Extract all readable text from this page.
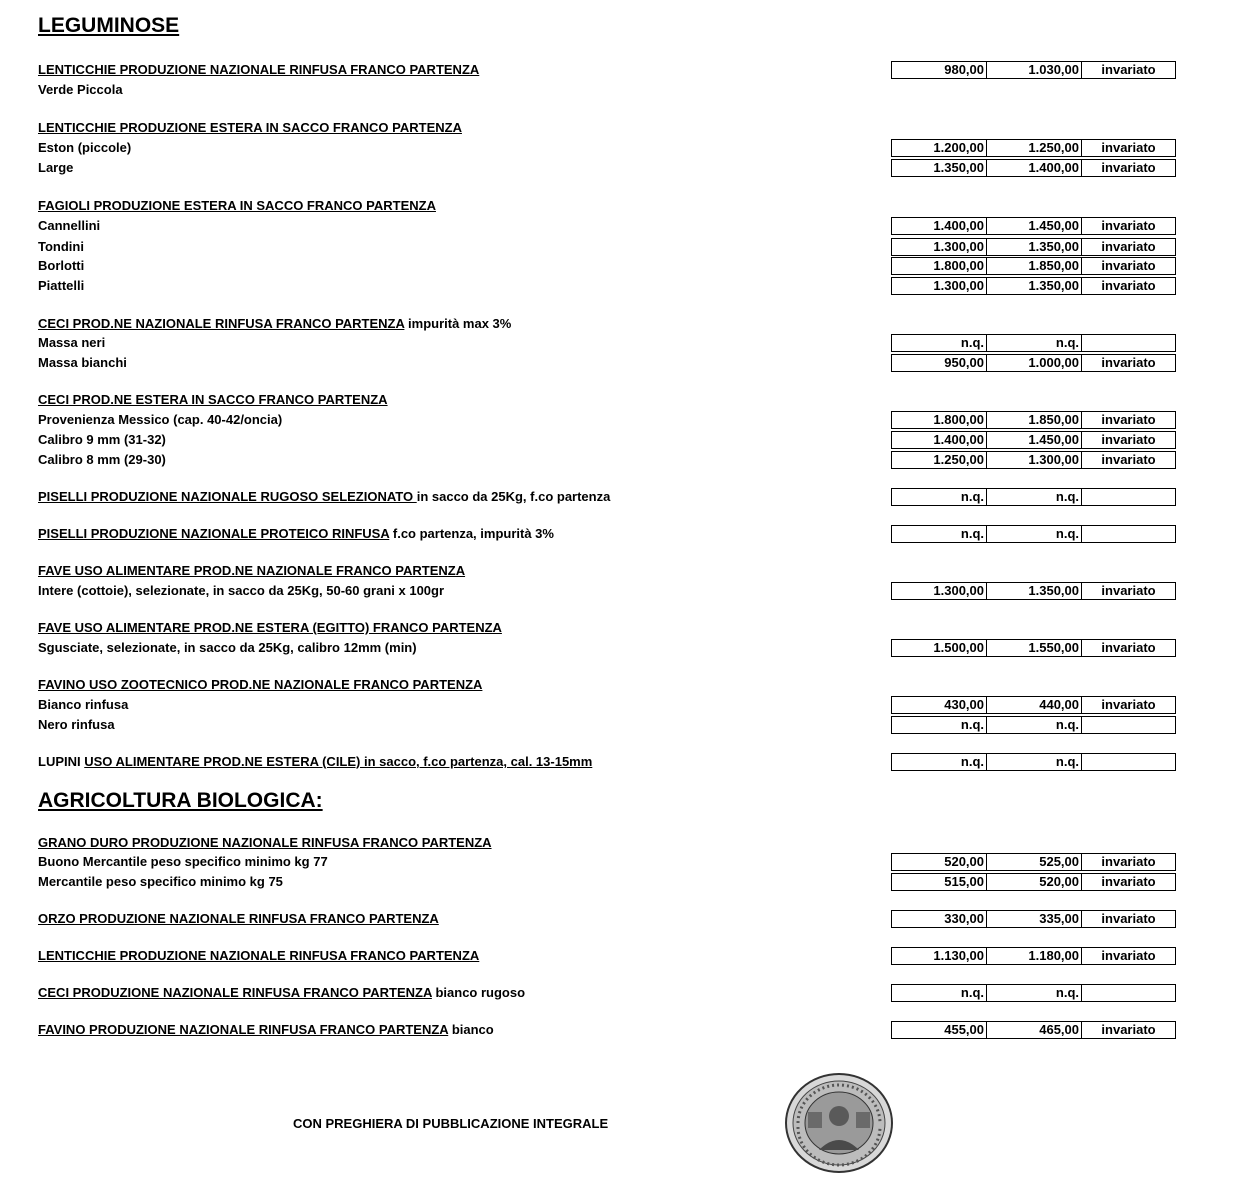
LEGUMINOSE
AGRICOLTURA BIOLOGICA:
LENTICCHIE PRODUZIONE NAZIONALE RINFUSA FRANCO PARTENZA	980,00	1.030,00	invariato
Verde Piccola
LENTICCHIE PRODUZIONE ESTERA IN SACCO FRANCO PARTENZA
Eston (piccole)	1.200,00	1.250,00	invariato
Large	1.350,00	1.400,00	invariato
FAGIOLI PRODUZIONE ESTERA IN SACCO FRANCO PARTENZA
Cannellini	1.400,00	1.450,00	invariato
Tondini	1.300,00	1.350,00	invariato
Borlotti	1.800,00	1.850,00	invariato
Piattelli	1.300,00	1.350,00	invariato
CECI PROD.NE NAZIONALE RINFUSA FRANCO PARTENZA impurità max 3%
Massa neri	n.q.	n.q.
Massa bianchi	950,00	1.000,00	invariato
CECI PROD.NE ESTERA IN SACCO FRANCO PARTENZA
Provenienza Messico (cap. 40-42/oncia)	1.800,00	1.850,00	invariato
Calibro 9 mm (31-32)	1.400,00	1.450,00	invariato
Calibro 8 mm (29-30)	1.250,00	1.300,00	invariato
PISELLI PRODUZIONE NAZIONALE RUGOSO SELEZIONATO in sacco da 25Kg, f.co partenza	n.q.	n.q.
PISELLI PRODUZIONE NAZIONALE PROTEICO RINFUSA f.co partenza, impurità 3%	n.q.	n.q.
FAVE USO ALIMENTARE PROD.NE NAZIONALE FRANCO PARTENZA
Intere (cottoie), selezionate, in sacco da 25Kg, 50-60 grani x 100gr	1.300,00	1.350,00	invariato
FAVE USO ALIMENTARE PROD.NE ESTERA (EGITTO) FRANCO PARTENZA
Sgusciate, selezionate, in sacco da 25Kg, calibro 12mm (min)	1.500,00	1.550,00	invariato
FAVINO USO ZOOTECNICO PROD.NE NAZIONALE FRANCO PARTENZA
Bianco rinfusa	430,00	440,00	invariato
Nero rinfusa	n.q.	n.q.
LUPINI USO ALIMENTARE PROD.NE ESTERA (CILE) in sacco, f.co partenza, cal. 13-15mm	n.q.	n.q.
GRANO DURO PRODUZIONE NAZIONALE RINFUSA FRANCO PARTENZA
Buono Mercantile peso specifico minimo kg 77	520,00	525,00	invariato
Mercantile peso specifico minimo kg 75	515,00	520,00	invariato
ORZO PRODUZIONE NAZIONALE RINFUSA FRANCO PARTENZA	330,00	335,00	invariato
LENTICCHIE PRODUZIONE NAZIONALE RINFUSA FRANCO PARTENZA	1.130,00	1.180,00	invariato
CECI PRODUZIONE NAZIONALE RINFUSA FRANCO PARTENZA bianco rugoso	n.q.	n.q.
FAVINO PRODUZIONE NAZIONALE RINFUSA FRANCO PARTENZA bianco	455,00	465,00	invariato
CON PREGHIERA DI PUBBLICAZIONE INTEGRALE
